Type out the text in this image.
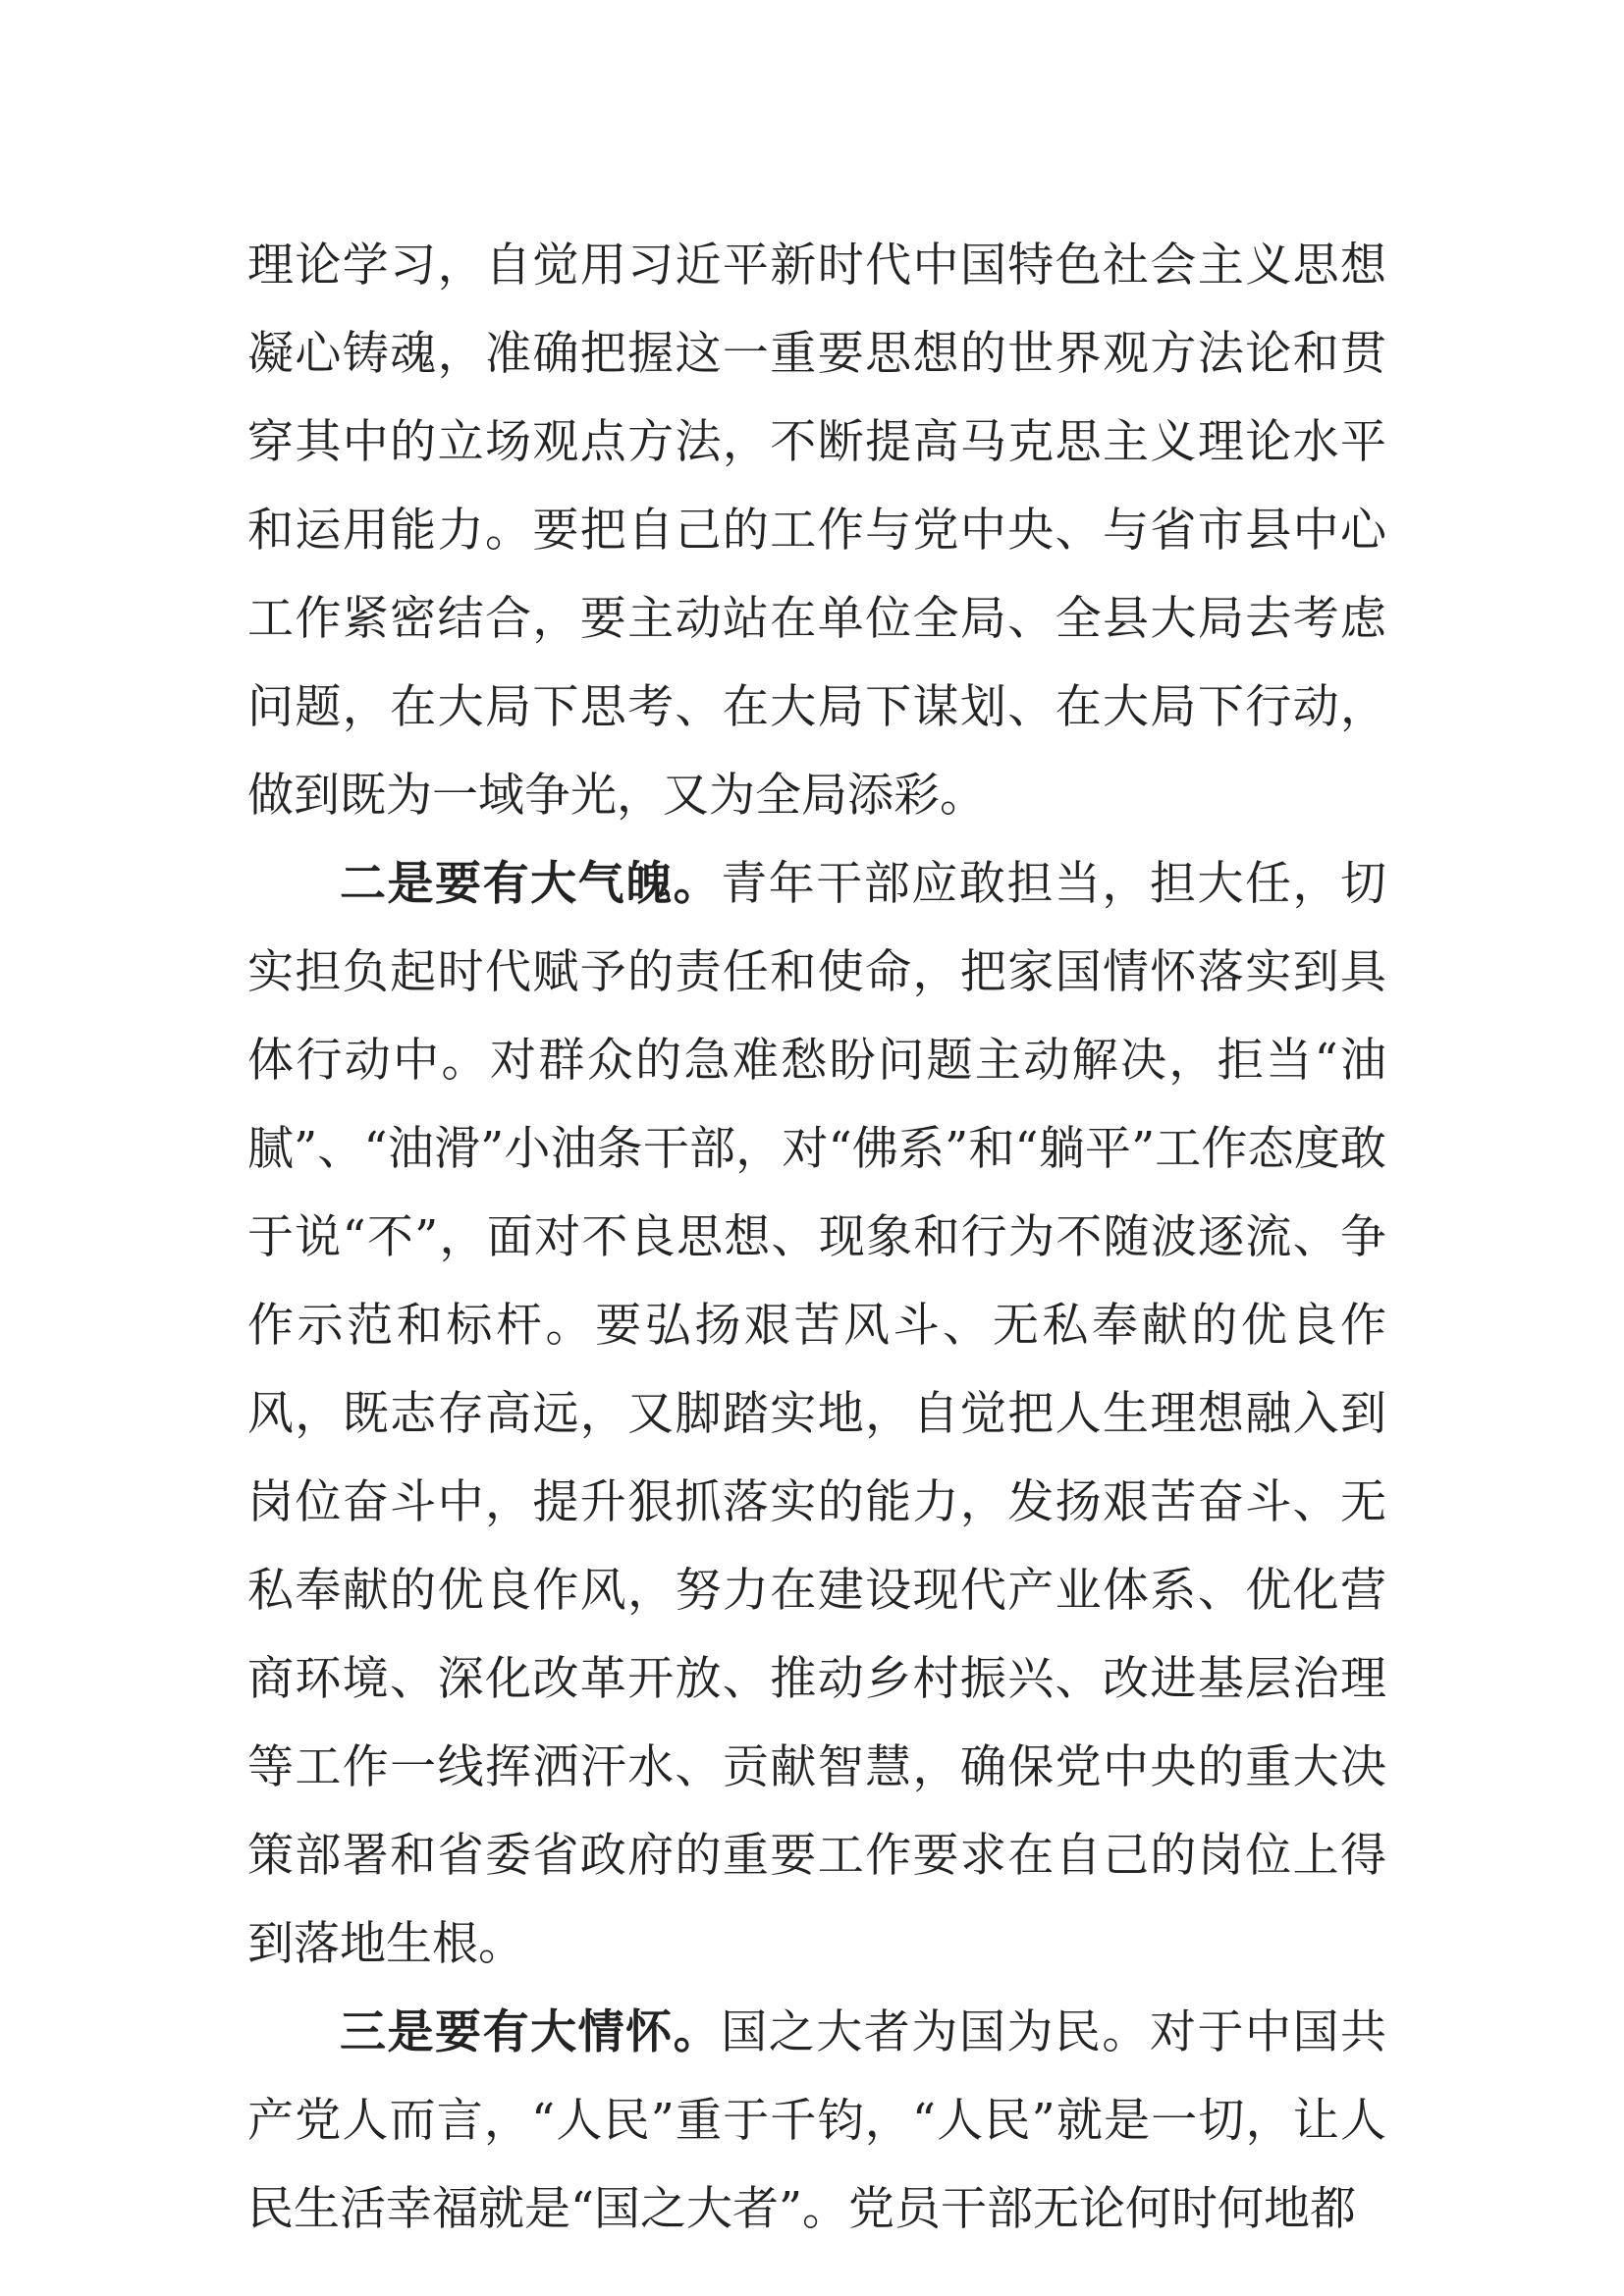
理论学习，自觉用习近平新时代中国特色社会主义思想凝心铸魂，准确把握这一重要思想的世界观方法论和贯穿其中的立场观点方法，不断提高马克思主义理论水平和运用能力。要把自己的工作与党中央、与省市县中心工作紧密结合，要主动站在单位全局、全县大局去考虑问题，在大局下思考、在大局下谋划、在大局下行动，做到既为一域争光，又为全局添彩。

二是要有大气魄。青年干部应敢担当，担大任，切实担负起时代赋予的责任和使命，把家国情怀落实到具体行动中。对群众的急难愁盼问题主动解决，拒当“油腻”、“油滑”小油条干部，对“佛系”和“躺平”工作态度敢于说“不”，面对不良思想、现象和行为不随波逐流、争作示范和标杆。要弘扬艰苦风斗、无私奉献的优良作风，既志存高远，又脚踏实地，自觉把人生理想融入到岗位奋斗中，提升狠抓落实的能力，发扬艰苦奋斗、无私奉献的优良作风，努力在建设现代产业体系、优化营商环境、深化改革开放、推动乡村振兴、改进基层治理等工作一线挥洒汗水、贡献智慧，确保党中央的重大决策部署和省委省政府的重要工作要求在自己的岗位上得到落地生根。

三是要有大情怀。国之大者为国为民。对于中国共产党人而言，“人民”重于千钧，“人民”就是一切，让人民生活幸福就是“国之大者”。党员干部无论何时何地都
